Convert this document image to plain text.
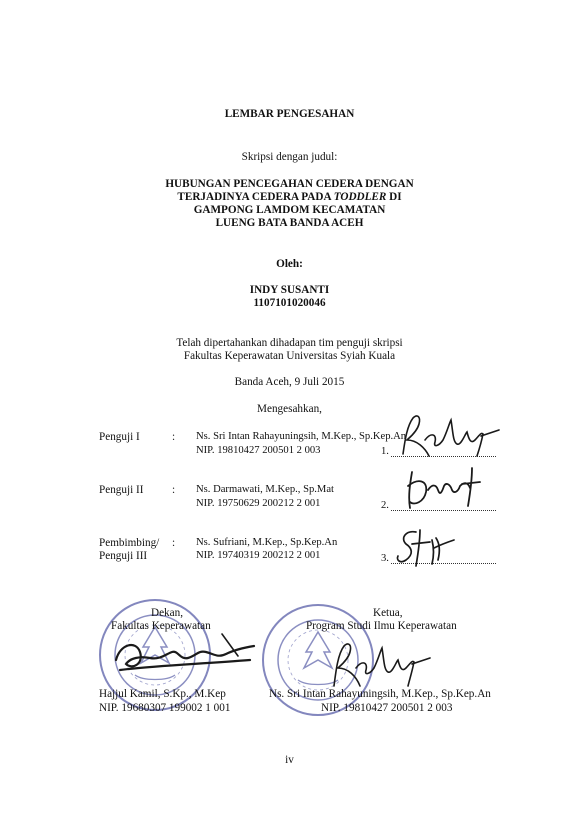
LEMBAR PENGESAHAN
Skripsi dengan judul:
HUBUNGAN PENCEGAHAN CEDERA DENGAN
TERJADINYA CEDERA PADA TODDLER DI
GAMPONG LAMDOM KECAMATAN
LUENG BATA BANDA ACEH
Oleh:
INDY SUSANTI
1107101020046
Telah dipertahankan dihadapan tim penguji skripsi
Fakultas Keperawatan Universitas Syiah Kuala
Banda Aceh, 9 Juli 2015
Mengesahkan,
Penguji I	: Ns. Sri Intan Rahayuningsih, M.Kep., Sp.Kep.An
NIP. 19810427 200501 2 003	1.
Penguji II	: Ns. Darmawati, M.Kep., Sp.Mat
NIP. 19750629 200212 2 001	2.
Pembimbing/
Penguji III
: Ns. Sufriani, M.Kep., Sp.Kep.An
NIP. 19740319 200212 2 001	3.
Dekan,
Fakultas Keperawatan
Hajjul Kamil, S.Kp., M.Kep
NIP. 19680307 199002 1 001
Ketua,
Program Studi Ilmu Keperawatan
Ns. Sri Intan Rahayuningsih, M.Kep., Sp.Kep.An
NIP. 19810427 200501 2 003
iv
